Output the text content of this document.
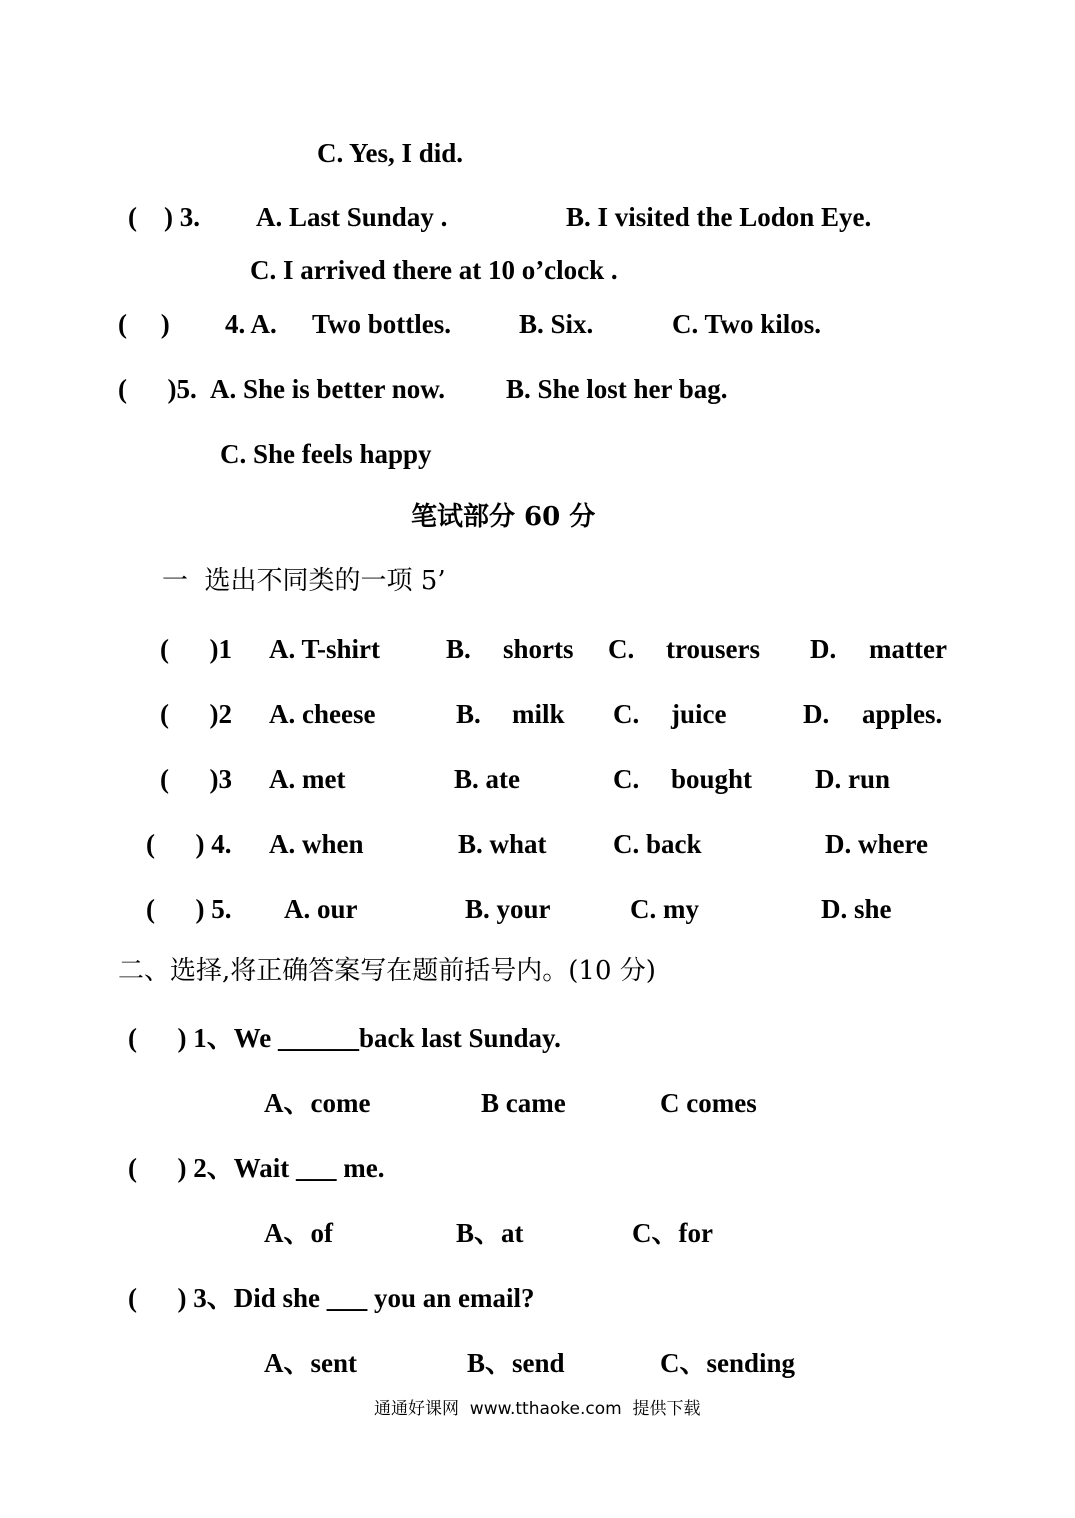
C. Yes, I did.
(    ) 3. A. Last Sunday .	B. I visited the Lodon Eye.
C. I arrived there at 10 o’clock .
(     ) 4. A. Two bottles.	B. Six.	C. Two kilos.
(      )5. A. She is better now. B. She lost her bag.
C. She feels happy
笔试部分 60 分
一  选出不同类的一项 5’
(      )1 A. T-shirt B. shorts C. trousers D. matter
(      )2 A. cheese	B. milk C. juice	D. apples.
(      )3 A. met	B. ate	C. bought D. run
(      ) 4. A. when	B. what C. back	D. where
(      ) 5. A. our	B. your	C. my	D. she
二、选择,将正确答案写在题前括号内。(10 分)
(      ) 1、We ______back last Sunday.
A、come	B came	C comes
(      ) 2、Wait ___ me.
A、of	B、at	C、for
(      ) 3、Did she ___ you an email?
A、sent	B、send	C、sending
通通好课网  www.tthaoke.com  提供下载
